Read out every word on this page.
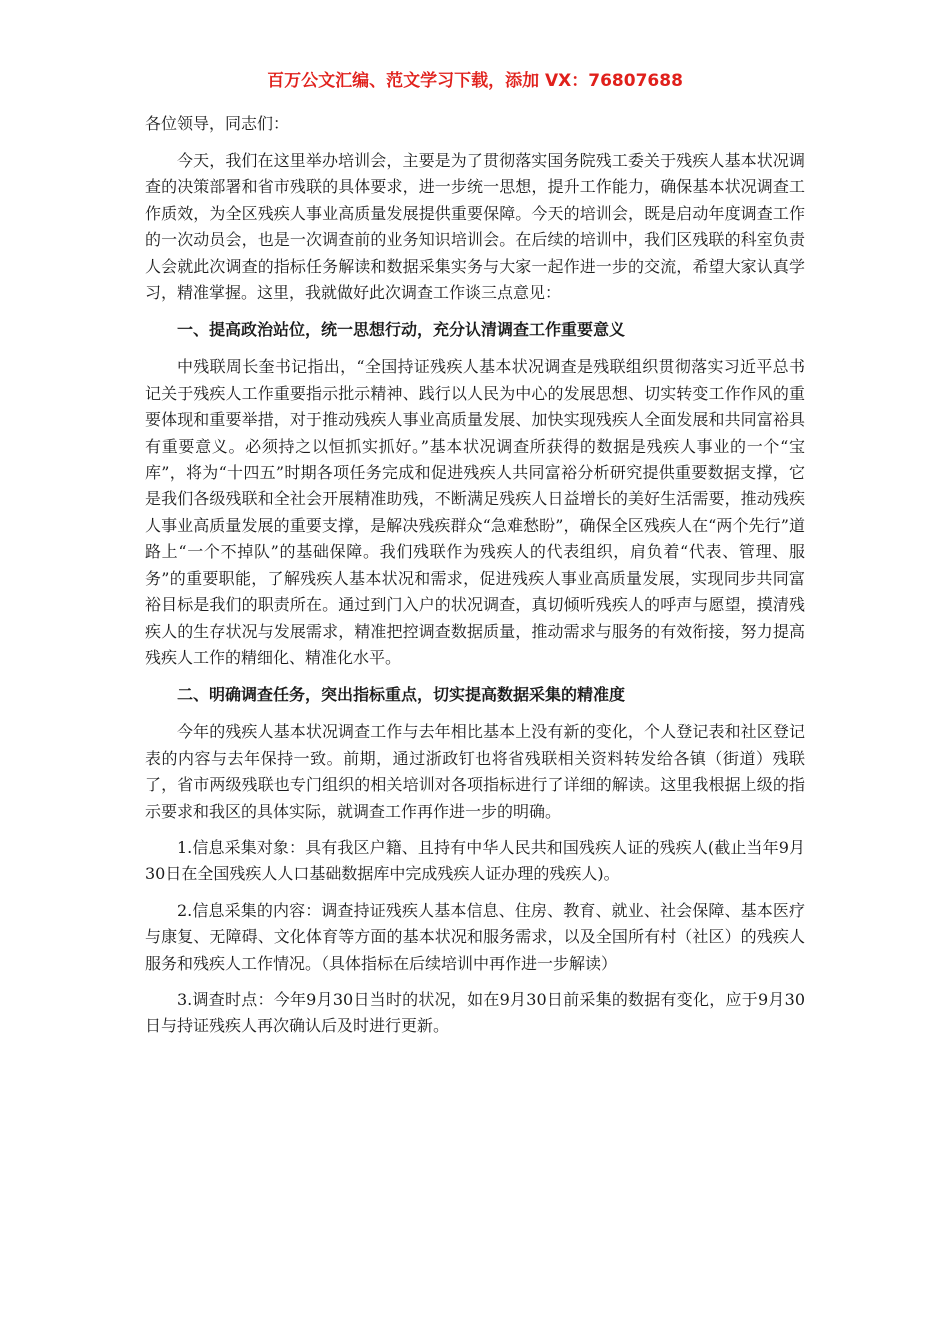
百万公文汇编、范文学习下载，添加 VX：76807688
各位领导，同志们：

今天，我们在这里举办培训会，主要是为了贯彻落实国务院残工委关于残疾人基本状况调查的决策部署和省市残联的具体要求，进一步统一思想，提升工作能力，确保基本状况调查工作质效，为全区残疾人事业高质量发展提供重要保障。今天的培训会，既是启动年度调查工作的一次动员会，也是一次调查前的业务知识培训会。在后续的培训中，我们区残联的科室负责人会就此次调查的指标任务解读和数据采集实务与大家一起作进一步的交流，希望大家认真学习，精准掌握。这里，我就做好此次调查工作谈三点意见：

一、提高政治站位，统一思想行动，充分认清调查工作重要意义

中残联周长奎书记指出，“全国持证残疾人基本状况调查是残联组织贯彻落实习近平总书记关于残疾人工作重要指示批示精神、践行以人民为中心的发展思想、切实转变工作作风的重要体现和重要举措，对于推动残疾人事业高质量发展、加快实现残疾人全面发展和共同富裕具有重要意义。必须持之以恒抓实抓好。”基本状况调查所获得的数据是残疾人事业的一个“宝库”，将为“十四五”时期各项任务完成和促进残疾人共同富裕分析研究提供重要数据支撑，它是我们各级残联和全社会开展精准助残，不断满足残疾人日益增长的美好生活需要，推动残疾人事业高质量发展的重要支撑，是解决残疾群众“急难愁盼”，确保全区残疾人在“两个先行”道路上“一个不掉队”的基础保障。我们残联作为残疾人的代表组织，肩负着“代表、管理、服务”的重要职能，了解残疾人基本状况和需求，促进残疾人事业高质量发展，实现同步共同富裕目标是我们的职责所在。通过到门入户的状况调查，真切倾听残疾人的呼声与愿望，摸清残疾人的生存状况与发展需求，精准把控调查数据质量，推动需求与服务的有效衔接，努力提高残疾人工作的精细化、精准化水平。

二、明确调查任务，突出指标重点，切实提高数据采集的精准度

今年的残疾人基本状况调查工作与去年相比基本上没有新的变化，个人登记表和社区登记表的内容与去年保持一致。前期，通过浙政钉也将省残联相关资料转发给各镇（街道）残联了，省市两级残联也专门组织的相关培训对各项指标进行了详细的解读。这里我根据上级的指示要求和我区的具体实际，就调查工作再作进一步的明确。

1.信息采集对象：具有我区户籍、且持有中华人民共和国残疾人证的残疾人(截止当年9月30日在全国残疾人人口基础数据库中完成残疾人证办理的残疾人)。

2.信息采集的内容：调查持证残疾人基本信息、住房、教育、就业、社会保障、基本医疗与康复、无障碍、文化体育等方面的基本状况和服务需求，以及全国所有村（社区）的残疾人服务和残疾人工作情况。（具体指标在后续培训中再作进一步解读）

3.调查时点：今年9月30日当时的状况，如在9月30日前采集的数据有变化，应于9月30日与持证残疾人再次确认后及时进行更新。
